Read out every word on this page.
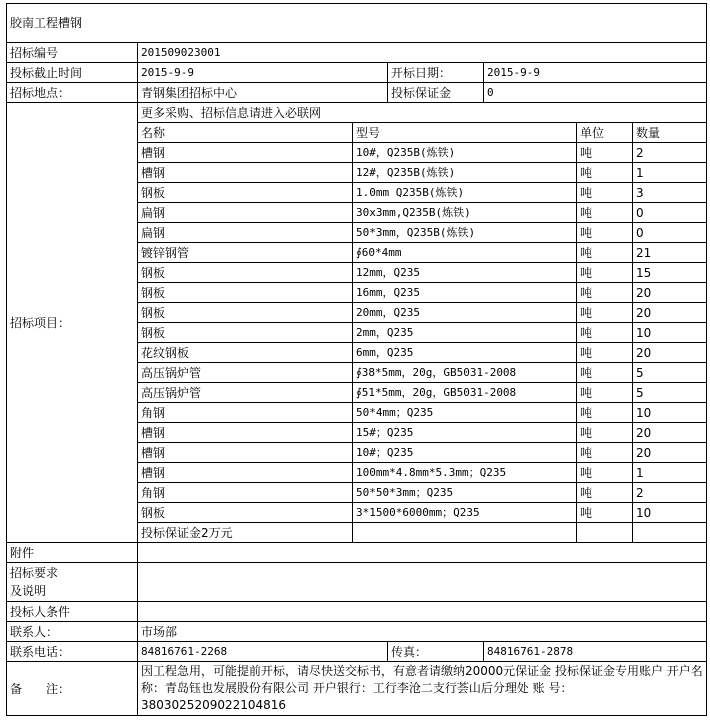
胶南工程槽钢
招标编号	201509023001
投标截止时间	2015-9-9	开标日期：	2015-9-9
招标地点：	青钢集团招标中心	投标保证金	0
招标项目：	
更多采购、招标信息请进入必联网
名称	型号	单位	数量
槽钢	10#，Q235B(炼铁)	吨	2
槽钢	12#，Q235B(炼铁)	吨	1
钢板	1.0mm Q235B(炼铁)	吨	3
扁钢	30x3mm,Q235B(炼铁)	吨	0
扁钢	50*3mm，Q235B(炼铁)	吨	0
镀锌钢管	∮60*4mm	吨	21
钢板	12mm，Q235	吨	15
钢板	16mm，Q235	吨	20
钢板	20mm，Q235	吨	20
钢板	2mm，Q235	吨	10
花纹钢板	6mm，Q235	吨	20
高压锅炉管	∮38*5mm，20g，GB5031-2008	吨	5
高压锅炉管	∮51*5mm，20g，GB5031-2008	吨	5
角钢	50*4mm；Q235	吨	10
槽钢	15#；Q235	吨	20
槽钢	10#；Q235	吨	20
槽钢	100mm*4.8mm*5.3mm；Q235	吨	1
角钢	50*50*3mm；Q235	吨	2
钢板	3*1500*6000mm；Q235	吨	10
投标保证金2万元			

附件	
招标要求
及说明	
投标人条件	
联系人：	市场部
联系电话：	84816761-2268	传真：	84816761-2878
备　　注：	因工程急用，可能提前开标，请尽快送交标书，有意者请缴纳20000元保证金 投标保证金专用账户 开户名称：青岛钰也发展股份有限公司 开户银行：工行李沧二支行荟山后分理处 账 号：3803025209022104816
